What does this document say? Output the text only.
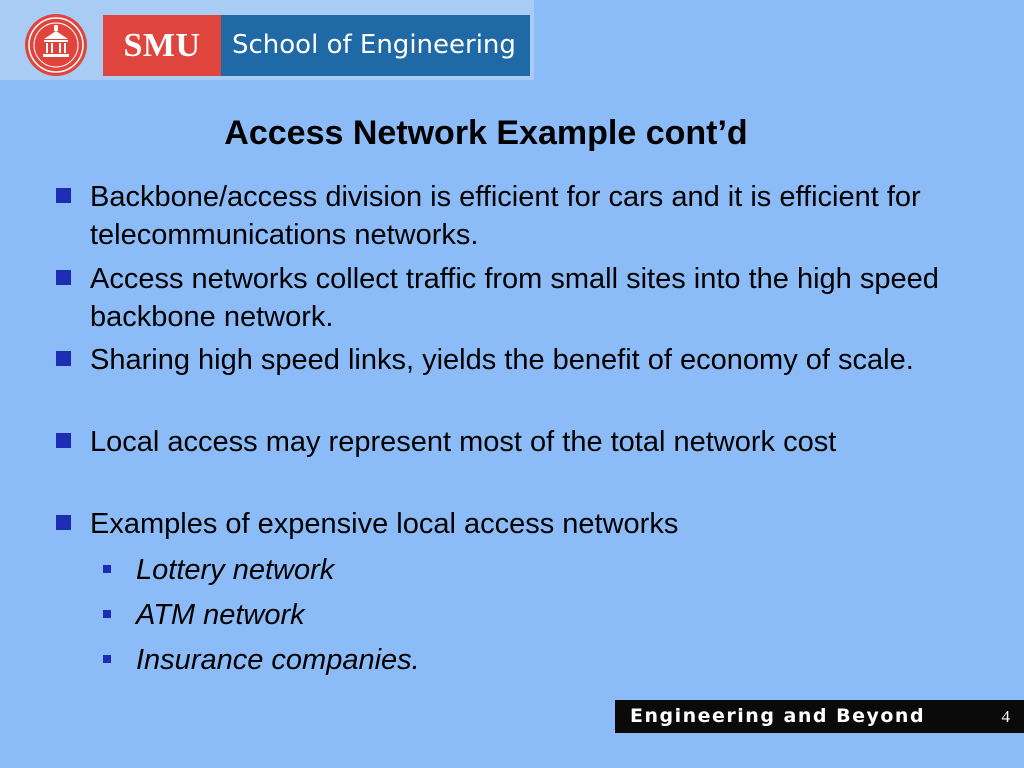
SMU	School of Engineering
Access Network Example cont’d
Backbone/access division is efficient for cars and it is efficient for telecommunications networks.
Access networks collect traffic from small sites into the high speed backbone network.
Sharing high speed links, yields the benefit of economy of scale.
Local access may represent most of the total network cost
Examples of expensive local access networks
Lottery network
ATM network
Insurance companies.
Engineering and Beyond	4
